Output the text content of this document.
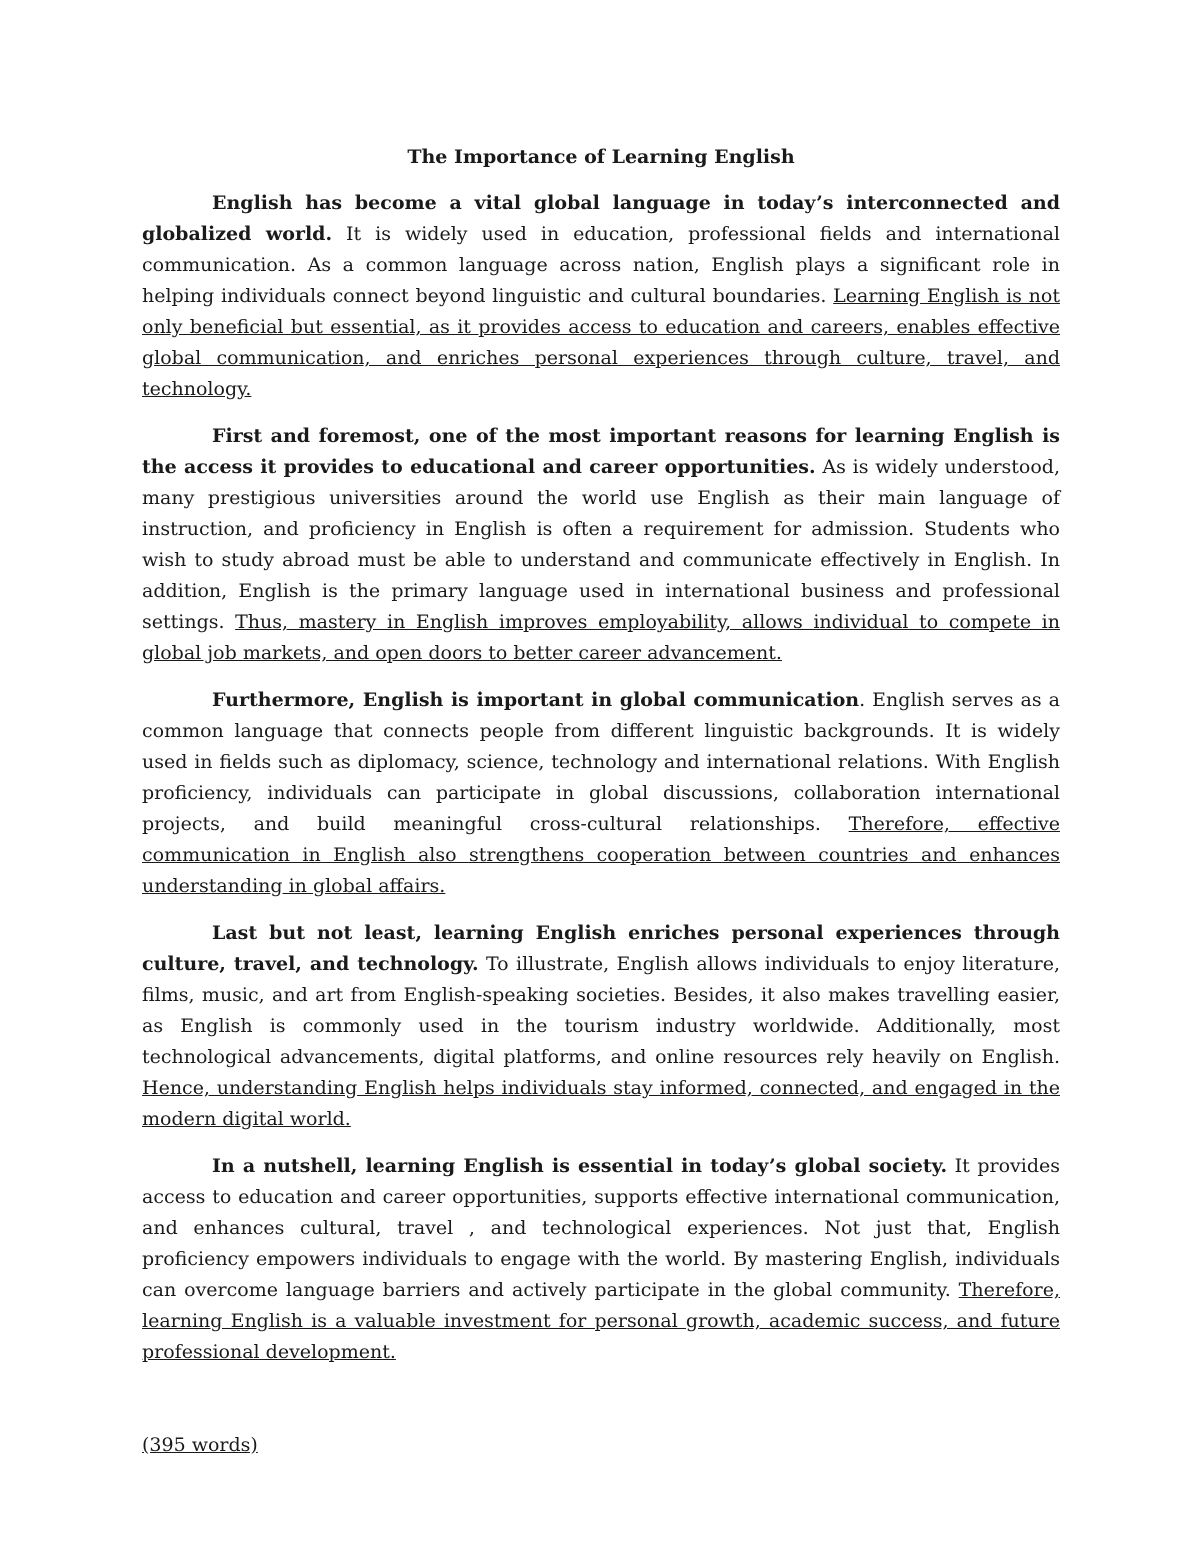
The Importance of Learning English

English has become a vital global language in today’s interconnected and globalized world. It is widely used in education, professional fields and international communication. As a common language across nation, English plays a significant role in helping individuals connect beyond linguistic and cultural boundaries. Learning English is not only beneficial but essential, as it provides access to education and careers, enables effective global communication, and enriches personal experiences through culture, travel, and technology.

First and foremost, one of the most important reasons for learning English is the access it provides to educational and career opportunities. As is widely understood, many prestigious universities around the world use English as their main language of instruction, and proficiency in English is often a requirement for admission. Students who wish to study abroad must be able to understand and communicate effectively in English. In addition, English is the primary language used in international business and professional settings. Thus, mastery in English improves employability, allows individual to compete in global job markets, and open doors to better career advancement.

Furthermore, English is important in global communication. English serves as a common language that connects people from different linguistic backgrounds. It is widely used in fields such as diplomacy, science, technology and international relations. With English proficiency, individuals can participate in global discussions, collaboration international projects, and build meaningful cross-cultural relationships. Therefore, effective communication in English also strengthens cooperation between countries and enhances understanding in global affairs.

Last but not least, learning English enriches personal experiences through culture, travel, and technology. To illustrate, English allows individuals to enjoy literature, films, music, and art from English-speaking societies. Besides, it also makes travelling easier, as English is commonly used in the tourism industry worldwide. Additionally, most technological advancements, digital platforms, and online resources rely heavily on English. Hence, understanding English helps individuals stay informed, connected, and engaged in the modern digital world.

In a nutshell, learning English is essential in today’s global society. It provides access to education and career opportunities, supports effective international communication, and enhances cultural, travel , and technological experiences. Not just that, English proficiency empowers individuals to engage with the world. By mastering English, individuals can overcome language barriers and actively participate in the global community. Therefore, learning English is a valuable investment for personal growth, academic success, and future professional development.

(395 words)
